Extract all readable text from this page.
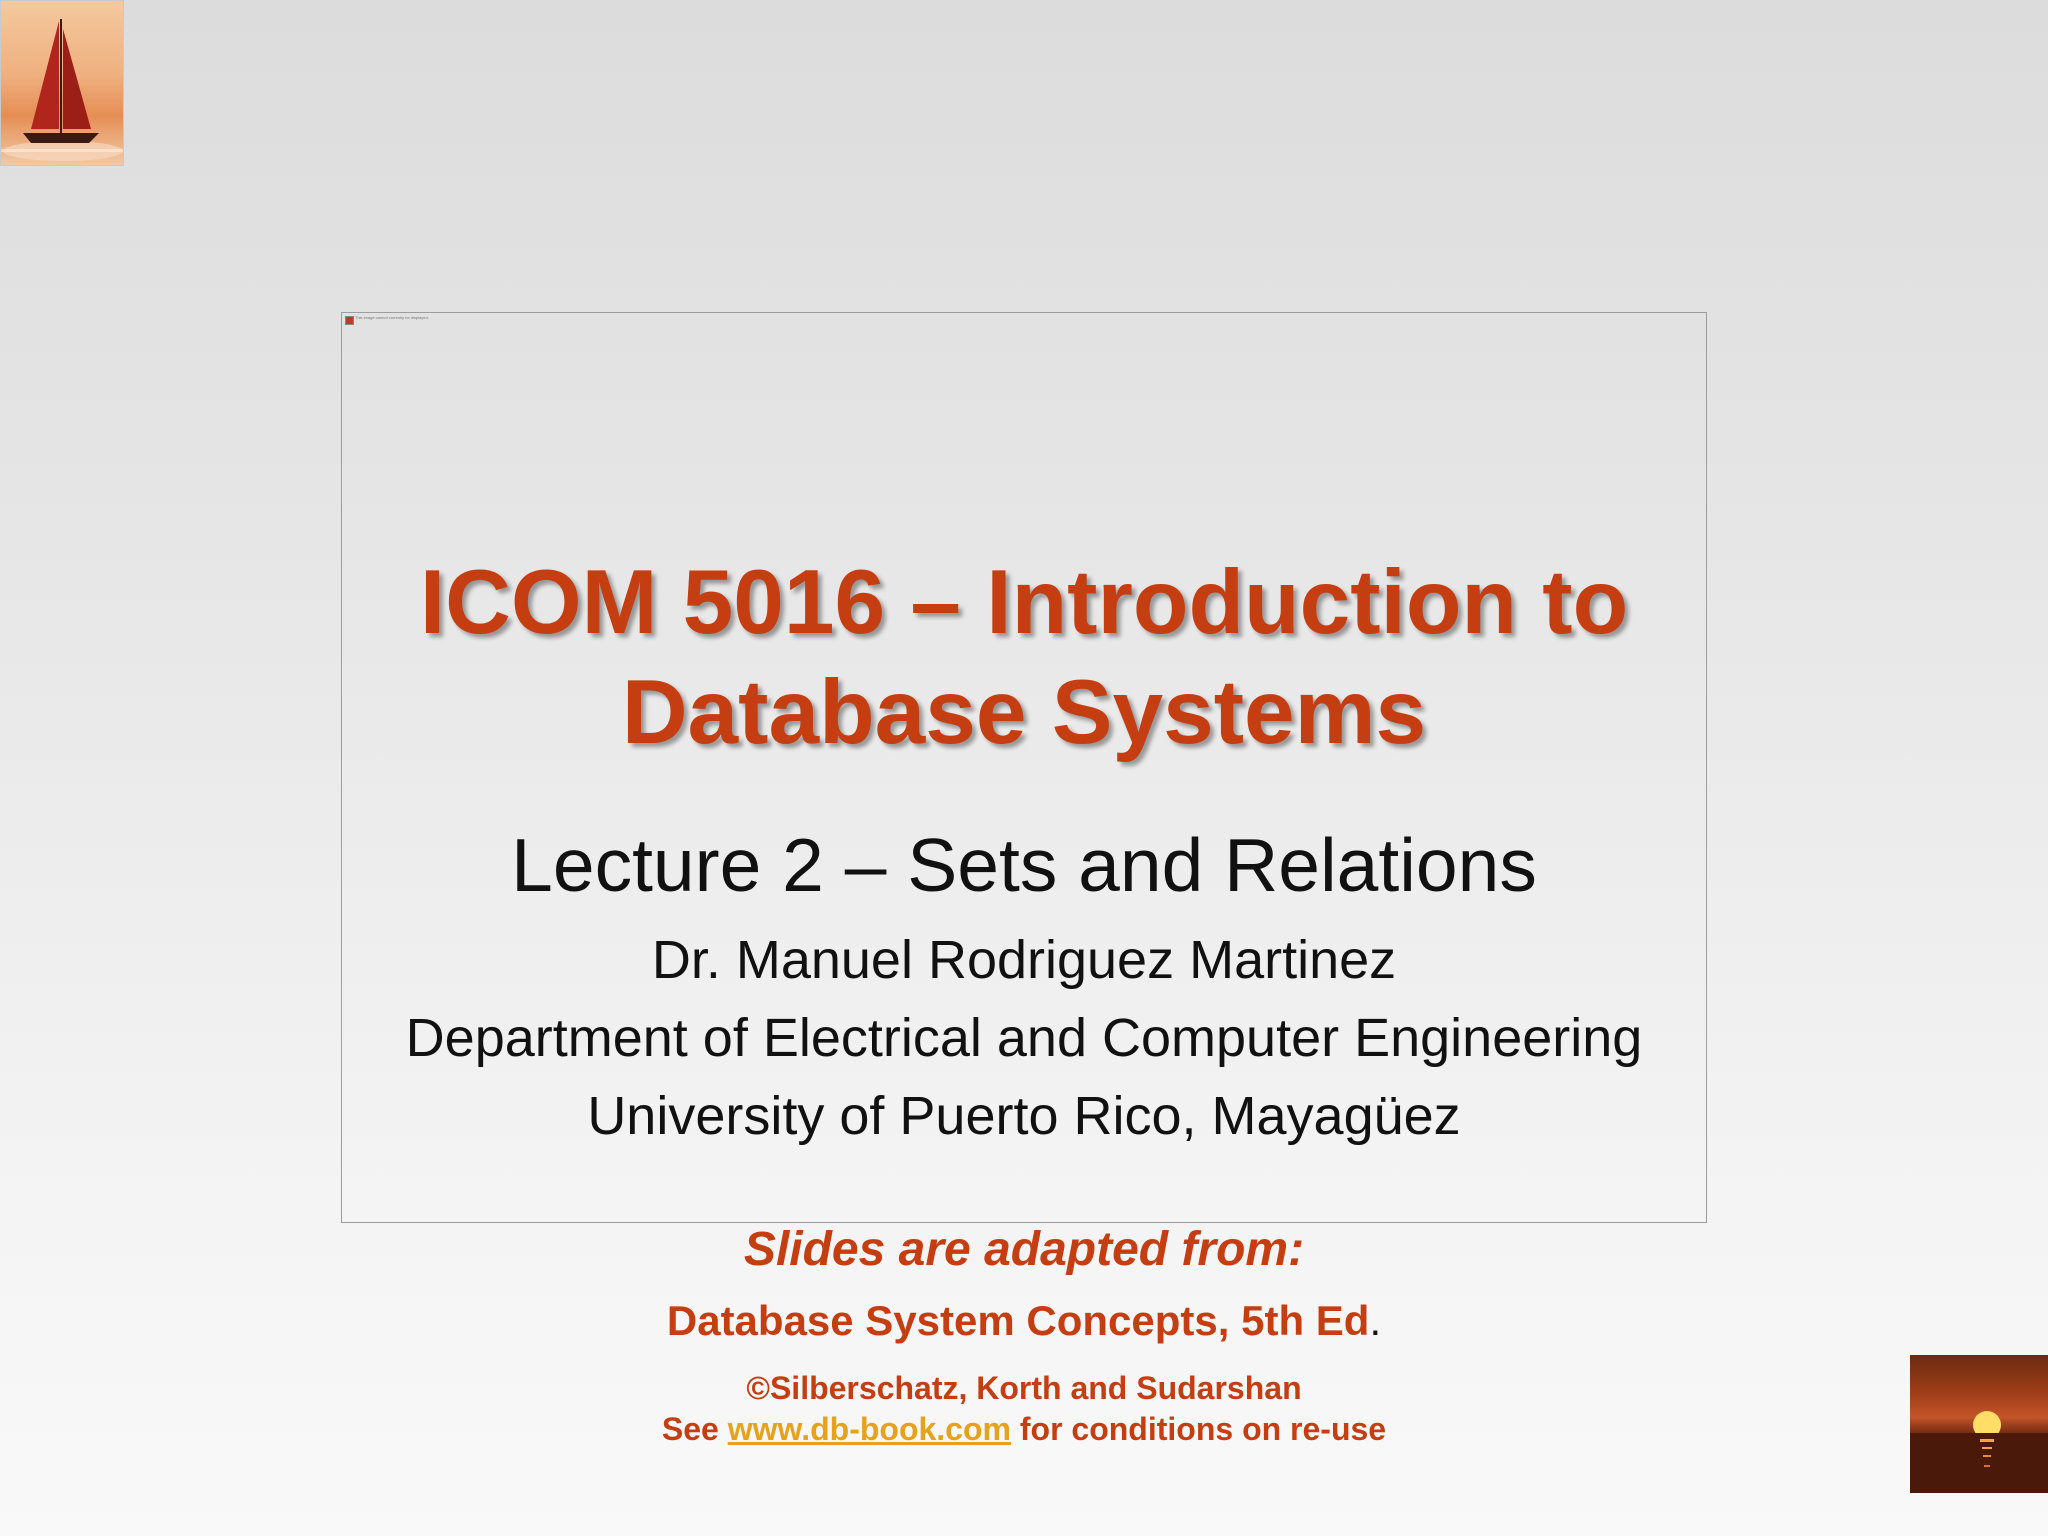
This image cannot currently be displayed.
ICOM 5016 – Introduction to
Database Systems
Lecture 2 – Sets and Relations
Dr. Manuel Rodriguez Martinez
Department of Electrical and Computer Engineering
University of Puerto Rico, Mayagüez
Slides are adapted from:
Database System Concepts, 5th Ed.
©Silberschatz, Korth and Sudarshan
See www.db-book.com for conditions on re-use
